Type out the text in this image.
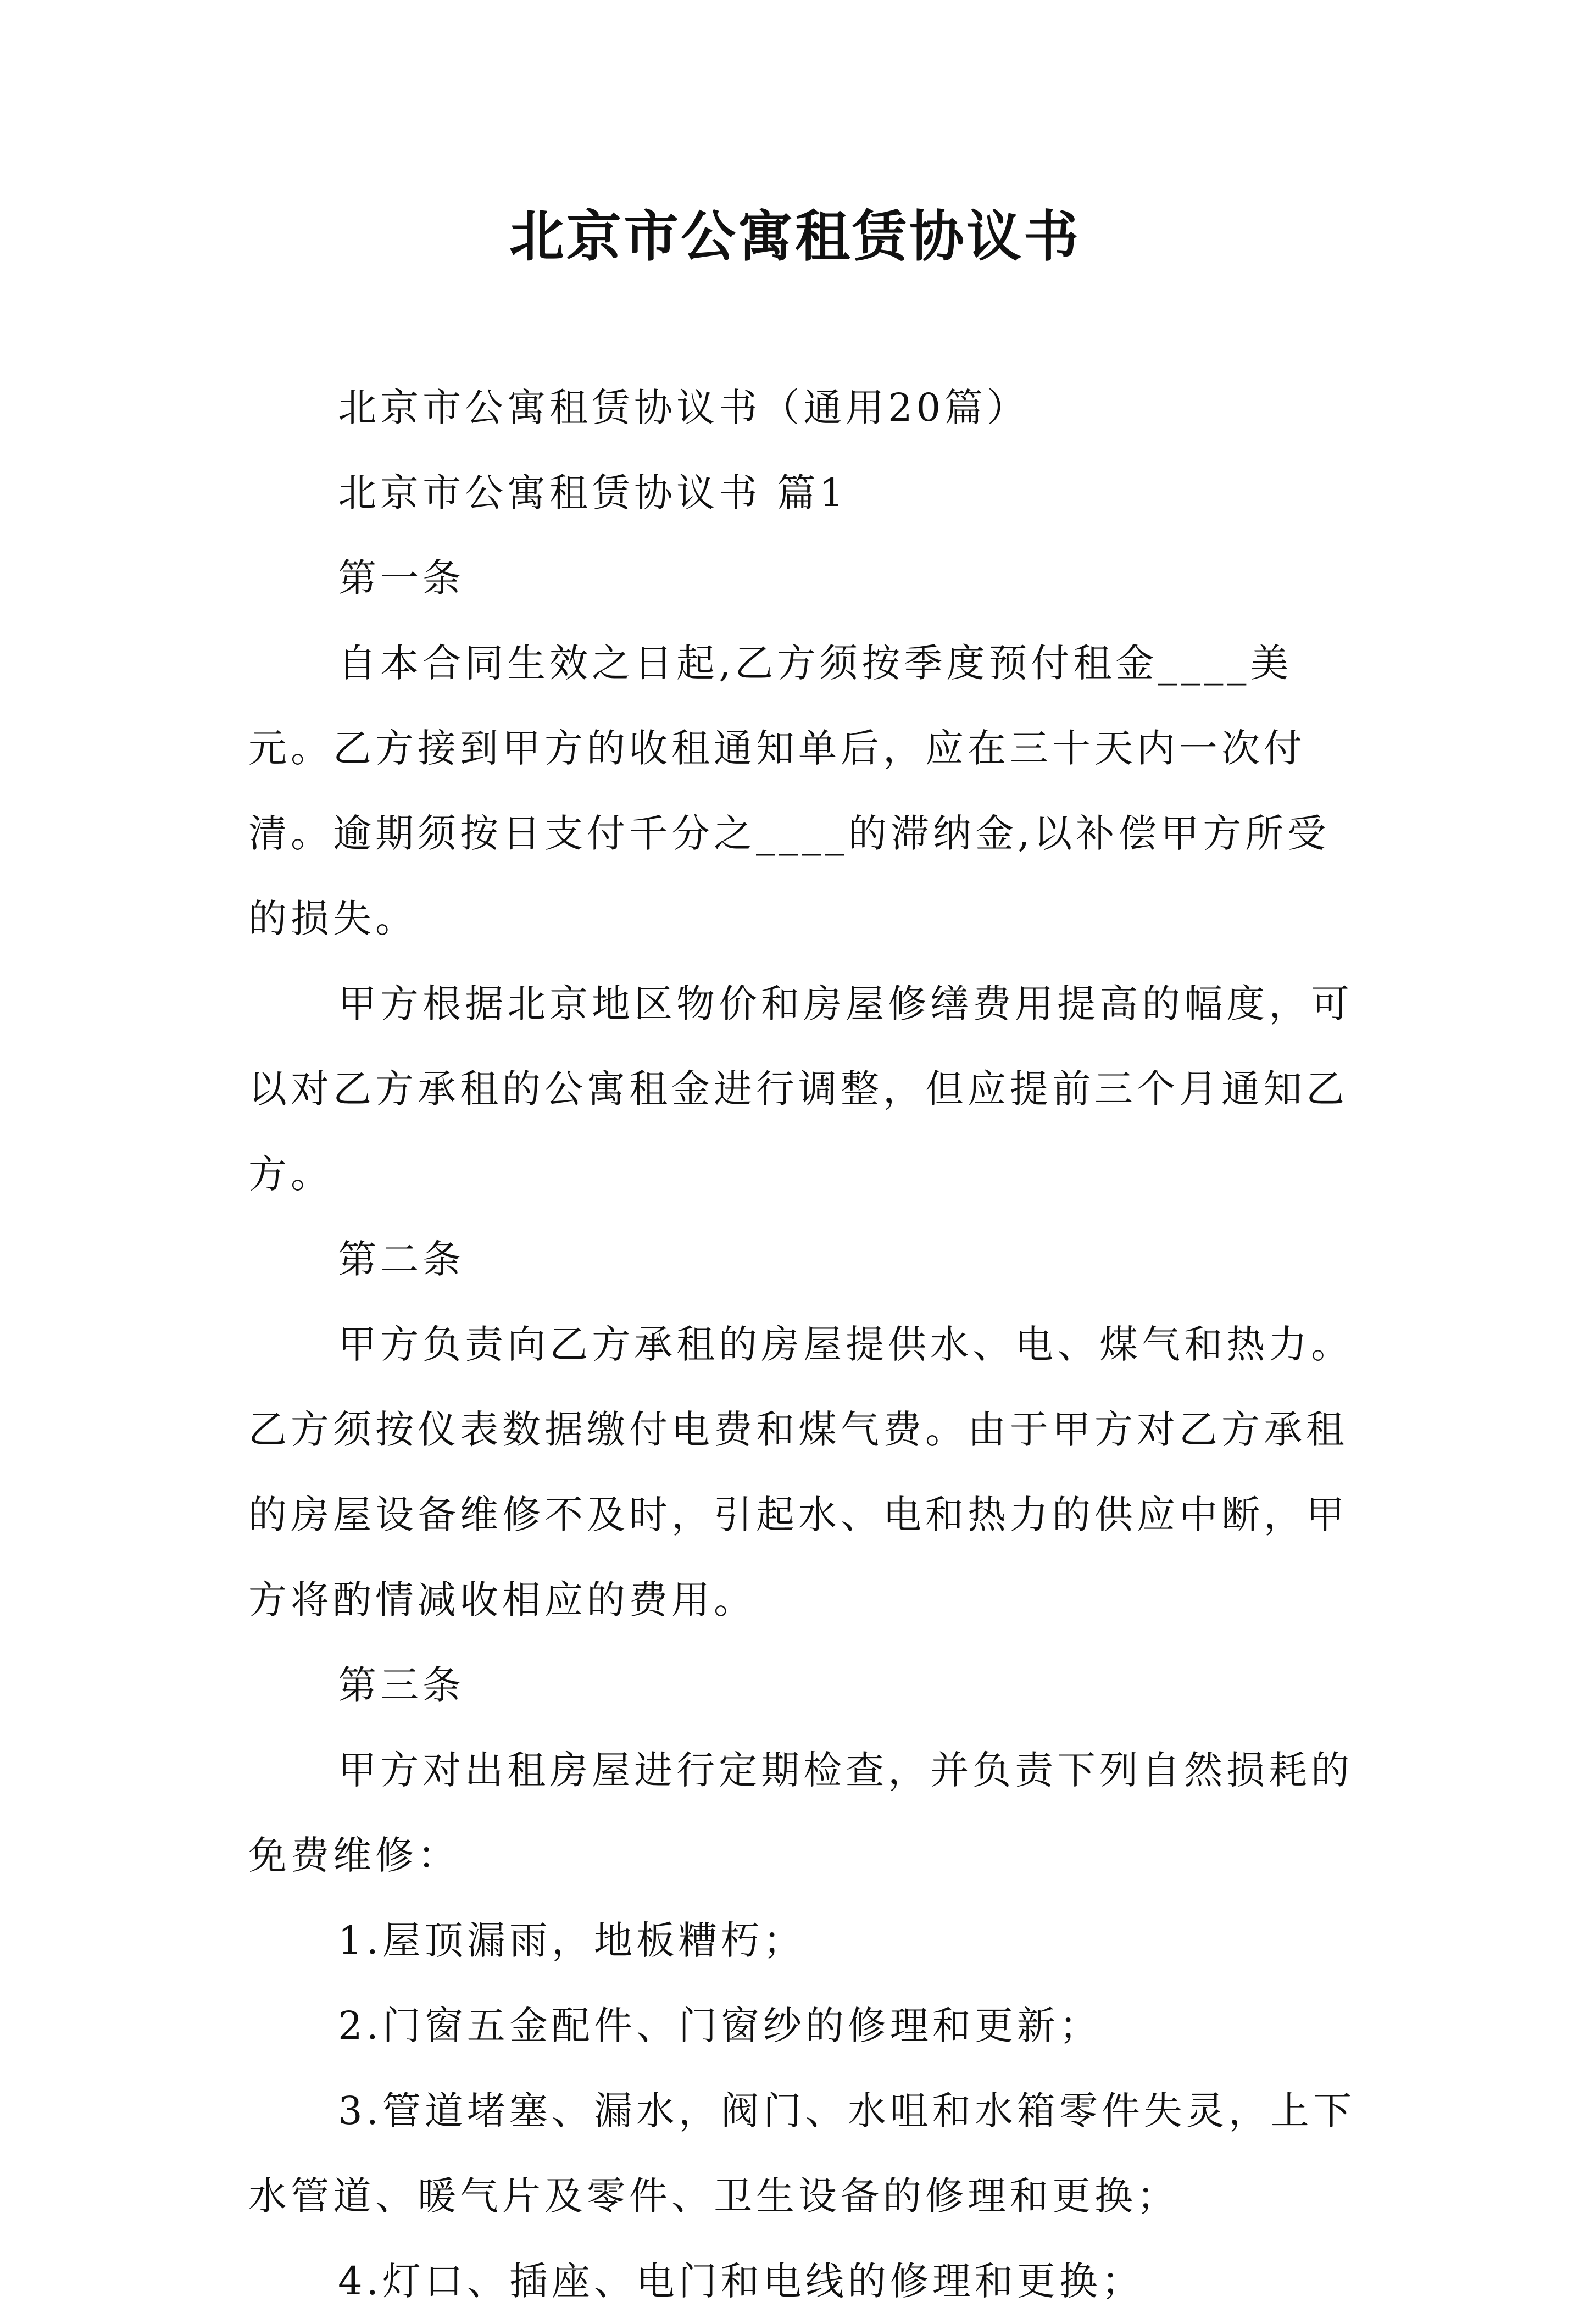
北京市公寓租赁协议书

北京市公寓租赁协议书（通用20篇）

北京市公寓租赁协议书 篇1

第一条

自本合同生效之日起,乙方须按季度预付租金____美元。乙方接到甲方的收租通知单后，应在三十天内一次付清。逾期须按日支付千分之____的滞纳金,以补偿甲方所受的损失。

甲方根据北京地区物价和房屋修缮费用提高的幅度，可以对乙方承租的公寓租金进行调整，但应提前三个月通知乙方。

第二条

甲方负责向乙方承租的房屋提供水、电、煤气和热力。乙方须按仪表数据缴付电费和煤气费。由于甲方对乙方承租的房屋设备维修不及时，引起水、电和热力的供应中断，甲方将酌情减收相应的费用。

第三条

甲方对出租房屋进行定期检查，并负责下列自然损耗的免费维修：

1.屋顶漏雨，地板糟朽；

2.门窗五金配件、门窗纱的修理和更新；

3.管道堵塞、漏水，阀门、水咀和水箱零件失灵，上下水管道、暖气片及零件、卫生设备的修理和更换；

4.灯口、插座、电门和电线的修理和更换；
